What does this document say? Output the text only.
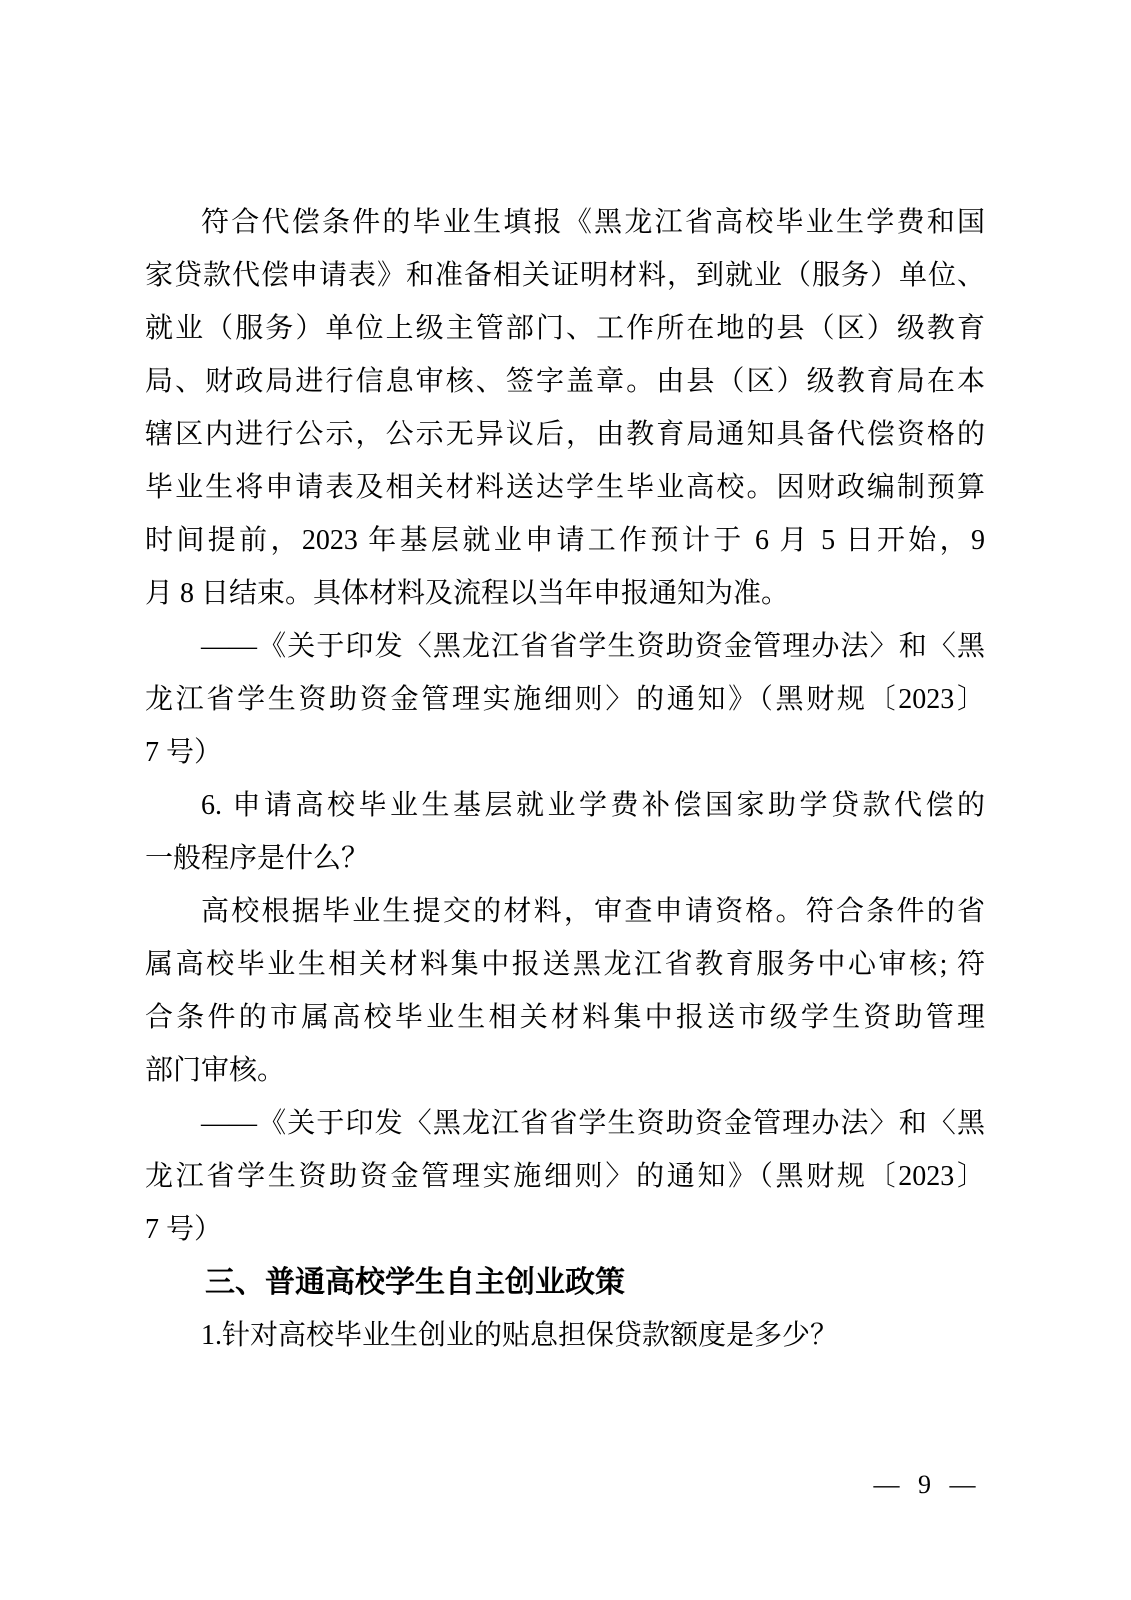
符合代偿条件的毕业生填报《黑龙江省高校毕业生学费和国
家贷款代偿申请表》和准备相关证明材料，到就业（服务）单位、
就业（服务）单位上级主管部门、工作所在地的县（区）级教育
局、财政局进行信息审核、签字盖章。由县（区）级教育局在本
辖区内进行公示，公示无异议后，由教育局通知具备代偿资格的
毕业生将申请表及相关材料送达学生毕业高校。因财政编制预算
时间提前，2023 年基层就业申请工作预计于 6 月 5 日开始，9
月 8 日结束。具体材料及流程以当年申报通知为准。
——《关于印发〈黑龙江省省学生资助资金管理办法〉和〈黑
龙江省学生资助资金管理实施细则〉的通知》（黑财规〔2023〕
7 号）
6. 申请高校毕业生基层就业学费补偿国家助学贷款代偿的
一般程序是什么？
高校根据毕业生提交的材料，审查申请资格。符合条件的省
属高校毕业生相关材料集中报送黑龙江省教育服务中心审核; 符
合条件的市属高校毕业生相关材料集中报送市级学生资助管理
部门审核。
——《关于印发〈黑龙江省省学生资助资金管理办法〉和〈黑
龙江省学生资助资金管理实施细则〉的通知》（黑财规〔2023〕
7 号）
三、普通高校学生自主创业政策
1.针对高校毕业生创业的贴息担保贷款额度是多少？
— 9 —
